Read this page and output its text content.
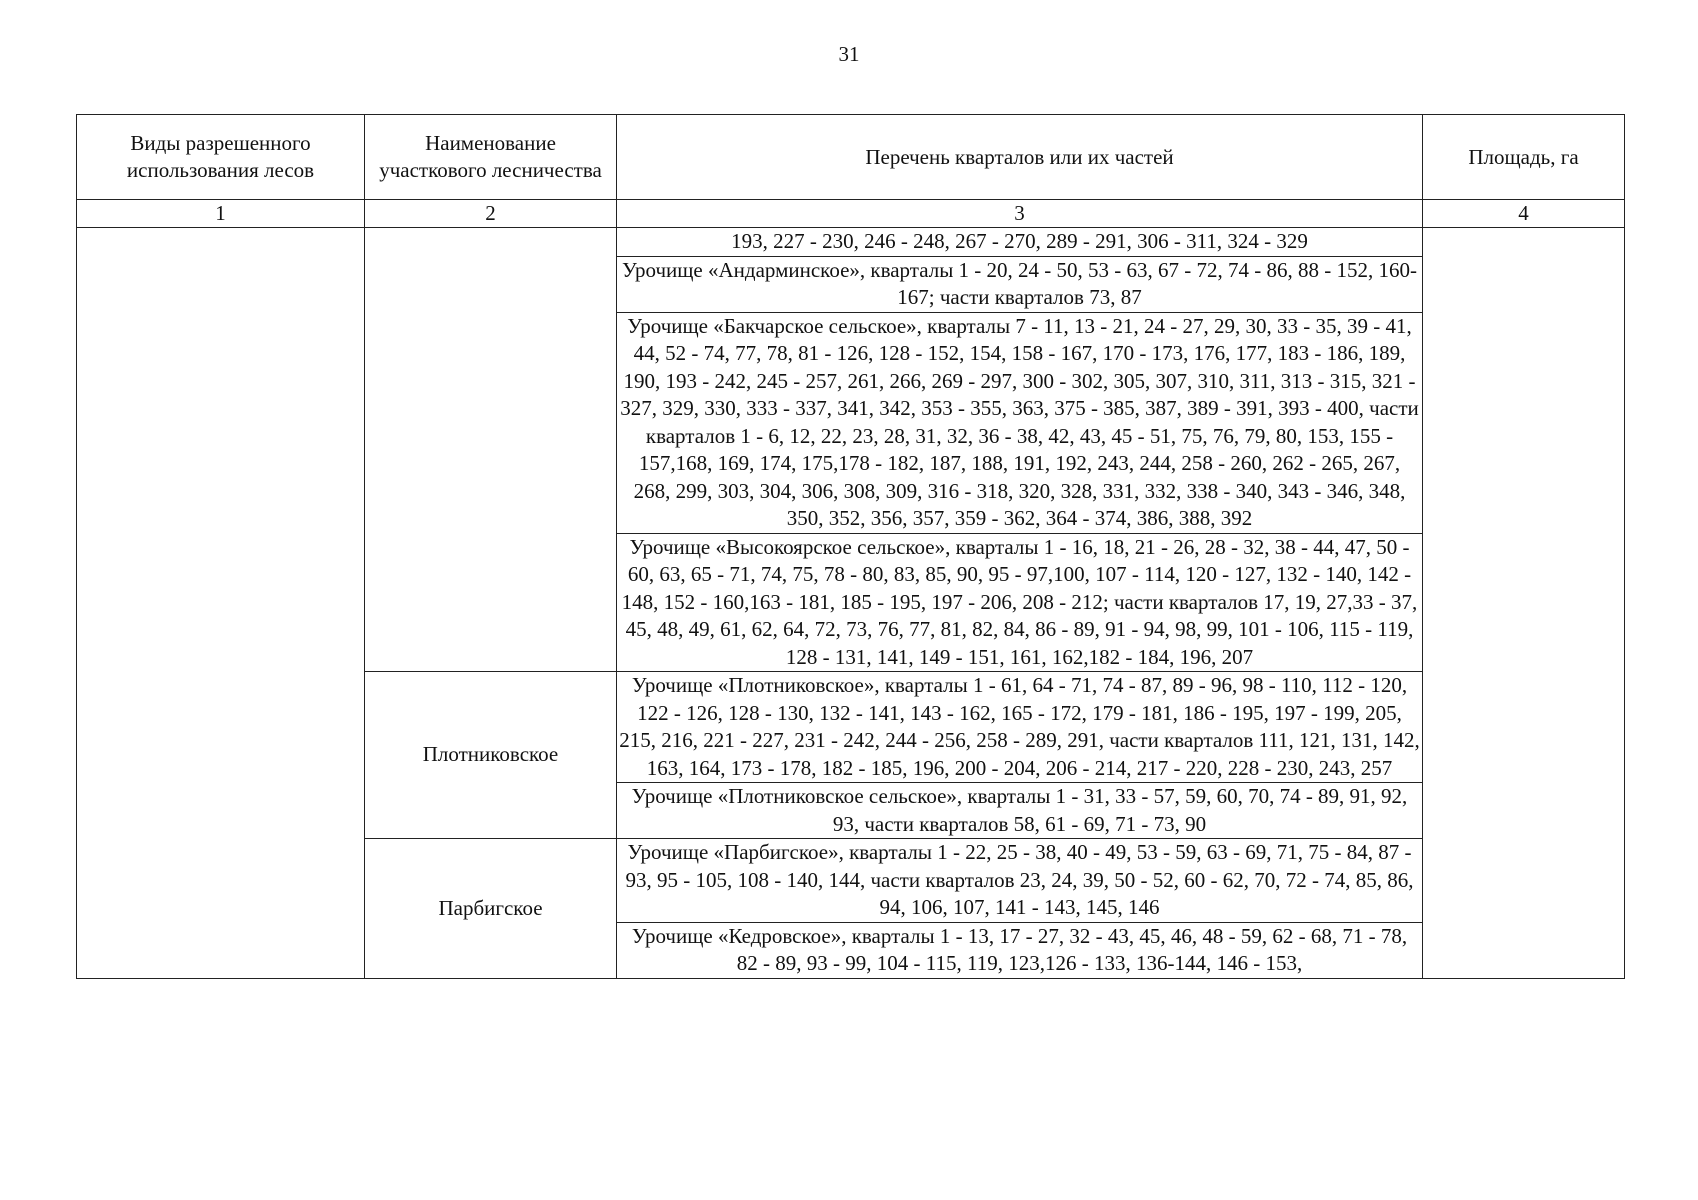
31
Виды разрешенного использования лесов	Наименование участкового лесничества	Перечень кварталов или их частей	Площадь, га
1	2	3	4
		193, 227 - 230, 246 - 248, 267 - 270, 289 - 291, 306 - 311, 324 - 329	
		Урочище «Андарминское», кварталы 1 - 20, 24 - 50, 53 - 63, 67 - 72, 74 - 86, 88 - 152, 160-167; части кварталов 73, 87	
		Урочище «Бакчарское сельское», кварталы 7 - 11, 13 - 21, 24 - 27, 29, 30, 33 - 35, 39 - 41, 44, 52 - 74, 77, 78, 81 - 126, 128 - 152, 154, 158 - 167, 170 - 173, 176, 177, 183 - 186, 189, 190, 193 - 242, 245 - 257, 261, 266, 269 - 297, 300 - 302, 305, 307, 310, 311, 313 - 315, 321 - 327, 329, 330, 333 - 337, 341, 342, 353 - 355, 363, 375 - 385, 387, 389 - 391, 393 - 400, части кварталов 1 - 6, 12, 22, 23, 28, 31, 32, 36 - 38, 42, 43, 45 - 51, 75, 76, 79, 80, 153, 155 - 157,168, 169, 174, 175,178 - 182, 187, 188, 191, 192, 243, 244, 258 - 260, 262 - 265, 267, 268, 299, 303, 304, 306, 308, 309, 316 - 318, 320, 328, 331, 332, 338 - 340, 343 - 346, 348, 350, 352, 356, 357, 359 - 362, 364 - 374, 386, 388, 392	
		Урочище «Высокоярское сельское», кварталы 1 - 16, 18, 21 - 26, 28 - 32, 38 - 44, 47, 50 - 60, 63, 65 - 71, 74, 75, 78 - 80, 83, 85, 90, 95 - 97,100, 107 - 114, 120 - 127, 132 - 140, 142 - 148, 152 - 160,163 - 181, 185 - 195, 197 - 206, 208 - 212; части кварталов 17, 19, 27,33 - 37, 45, 48, 49, 61, 62, 64, 72, 73, 76, 77, 81, 82, 84, 86 - 89, 91 - 94, 98, 99, 101 - 106, 115 - 119, 128 - 131, 141, 149 - 151, 161, 162,182 - 184, 196, 207	
	Плотниковское	Урочище «Плотниковское», кварталы 1 - 61, 64 - 71, 74 - 87, 89 - 96, 98 - 110, 112 - 120, 122 - 126, 128 - 130, 132 - 141, 143 - 162, 165 - 172, 179 - 181, 186 - 195, 197 - 199, 205, 215, 216, 221 - 227, 231 - 242, 244 - 256, 258 - 289, 291, части кварталов 111, 121, 131, 142, 163, 164, 173 - 178, 182 - 185, 196, 200 - 204, 206 - 214, 217 - 220, 228 - 230, 243, 257	
		Урочище «Плотниковское сельское», кварталы 1 - 31, 33 - 57, 59, 60, 70, 74 - 89, 91, 92, 93, части кварталов 58, 61 - 69, 71 - 73, 90	
	Парбигское	Урочище «Парбигское», кварталы 1 - 22, 25 - 38, 40 - 49, 53 - 59, 63 - 69, 71, 75 - 84, 87 - 93, 95 - 105, 108 - 140, 144, части кварталов 23, 24, 39, 50 - 52, 60 - 62, 70, 72 - 74, 85, 86, 94, 106, 107, 141 - 143, 145, 146	
		Урочище «Кедровское», кварталы 1 - 13, 17 - 27, 32 - 43, 45, 46, 48 - 59, 62 - 68, 71 - 78, 82 - 89, 93 - 99, 104 - 115, 119, 123,126 - 133, 136-144, 146 - 153,	
